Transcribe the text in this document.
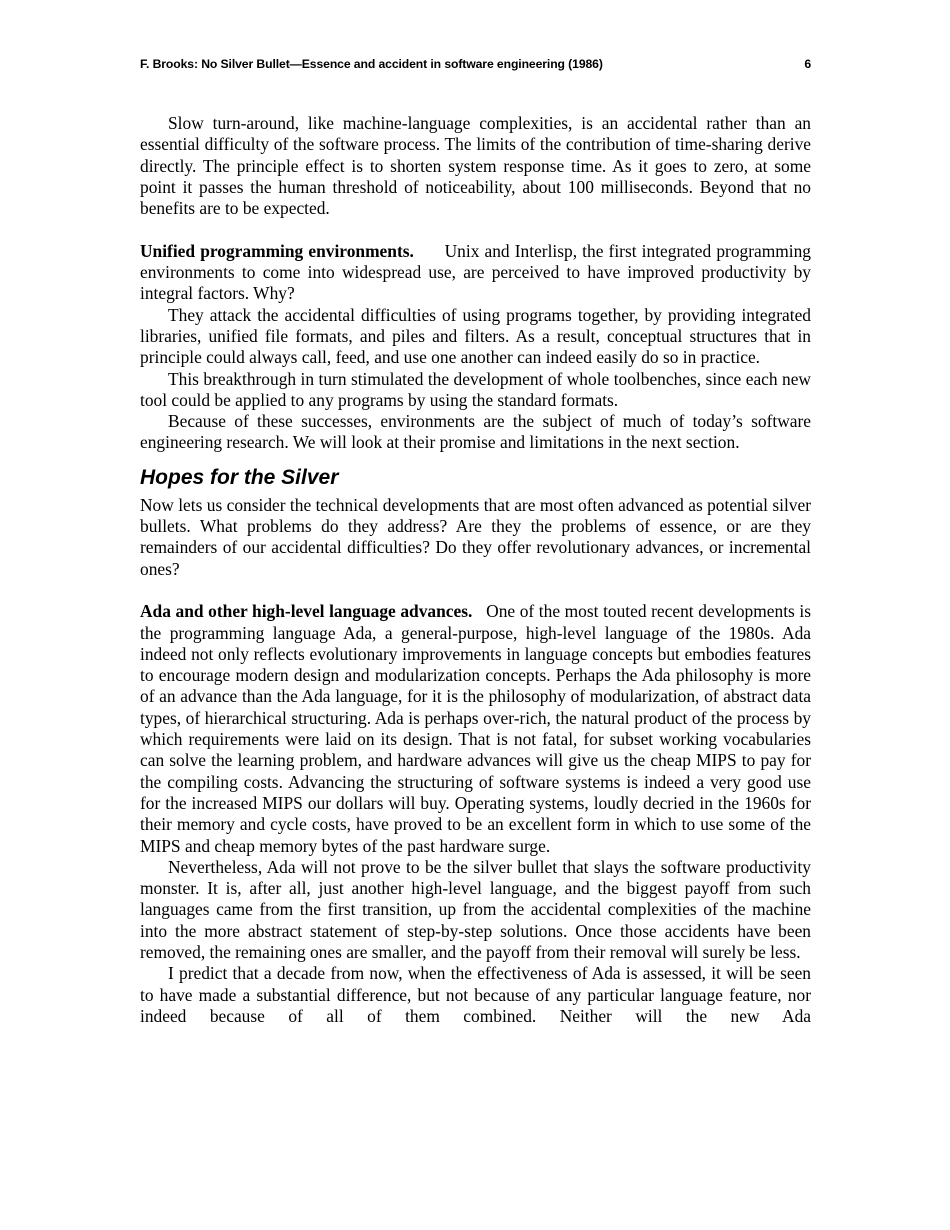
F. Brooks: No Silver Bullet—Essence and accident in software engineering (1986)	6

Slow turn-around, like machine-language complexities, is an accidental rather than an essential difficulty of the software process. The limits of the contribution of time-sharing derive directly. The principle effect is to shorten system response time. As it goes to zero, at some point it passes the human threshold of noticeability, about 100 milliseconds. Beyond that no benefits are to be expected.

Unified programming environments. Unix and Interlisp, the first integrated programming environments to come into widespread use, are perceived to have improved productivity by integral factors. Why?

They attack the accidental difficulties of using programs together, by providing integrated libraries, unified file formats, and piles and filters. As a result, conceptual structures that in principle could always call, feed, and use one another can indeed easily do so in practice.

This breakthrough in turn stimulated the development of whole toolbenches, since each new tool could be applied to any programs by using the standard formats.

Because of these successes, environments are the subject of much of today’s software engineering research. We will look at their promise and limitations in the next section.

Hopes for the Silver

Now lets us consider the technical developments that are most often advanced as potential silver bullets. What problems do they address? Are they the problems of essence, or are they remainders of our accidental difficulties? Do they offer revolutionary advances, or incremental ones?

Ada and other high-level language advances. One of the most touted recent developments is the programming language Ada, a general-purpose, high-level language of the 1980s. Ada indeed not only reflects evolutionary improvements in language concepts but embodies features to encourage modern design and modularization concepts. Perhaps the Ada philosophy is more of an advance than the Ada language, for it is the philosophy of modularization, of abstract data types, of hierarchical structuring. Ada is perhaps over-rich, the natural product of the process by which requirements were laid on its design. That is not fatal, for subset working vocabularies can solve the learning problem, and hardware advances will give us the cheap MIPS to pay for the compiling costs. Advancing the structuring of software systems is indeed a very good use for the increased MIPS our dollars will buy. Operating systems, loudly decried in the 1960s for their memory and cycle costs, have proved to be an excellent form in which to use some of the MIPS and cheap memory bytes of the past hardware surge.

Nevertheless, Ada will not prove to be the silver bullet that slays the software productivity monster. It is, after all, just another high-level language, and the biggest payoff from such languages came from the first transition, up from the accidental complexities of the machine into the more abstract statement of step-by-step solutions. Once those accidents have been removed, the remaining ones are smaller, and the payoff from their removal will surely be less.

I predict that a decade from now, when the effectiveness of Ada is assessed, it will be seen to have made a substantial difference, but not because of any particular language feature, nor indeed because of all of them combined. Neither will the new Ada
